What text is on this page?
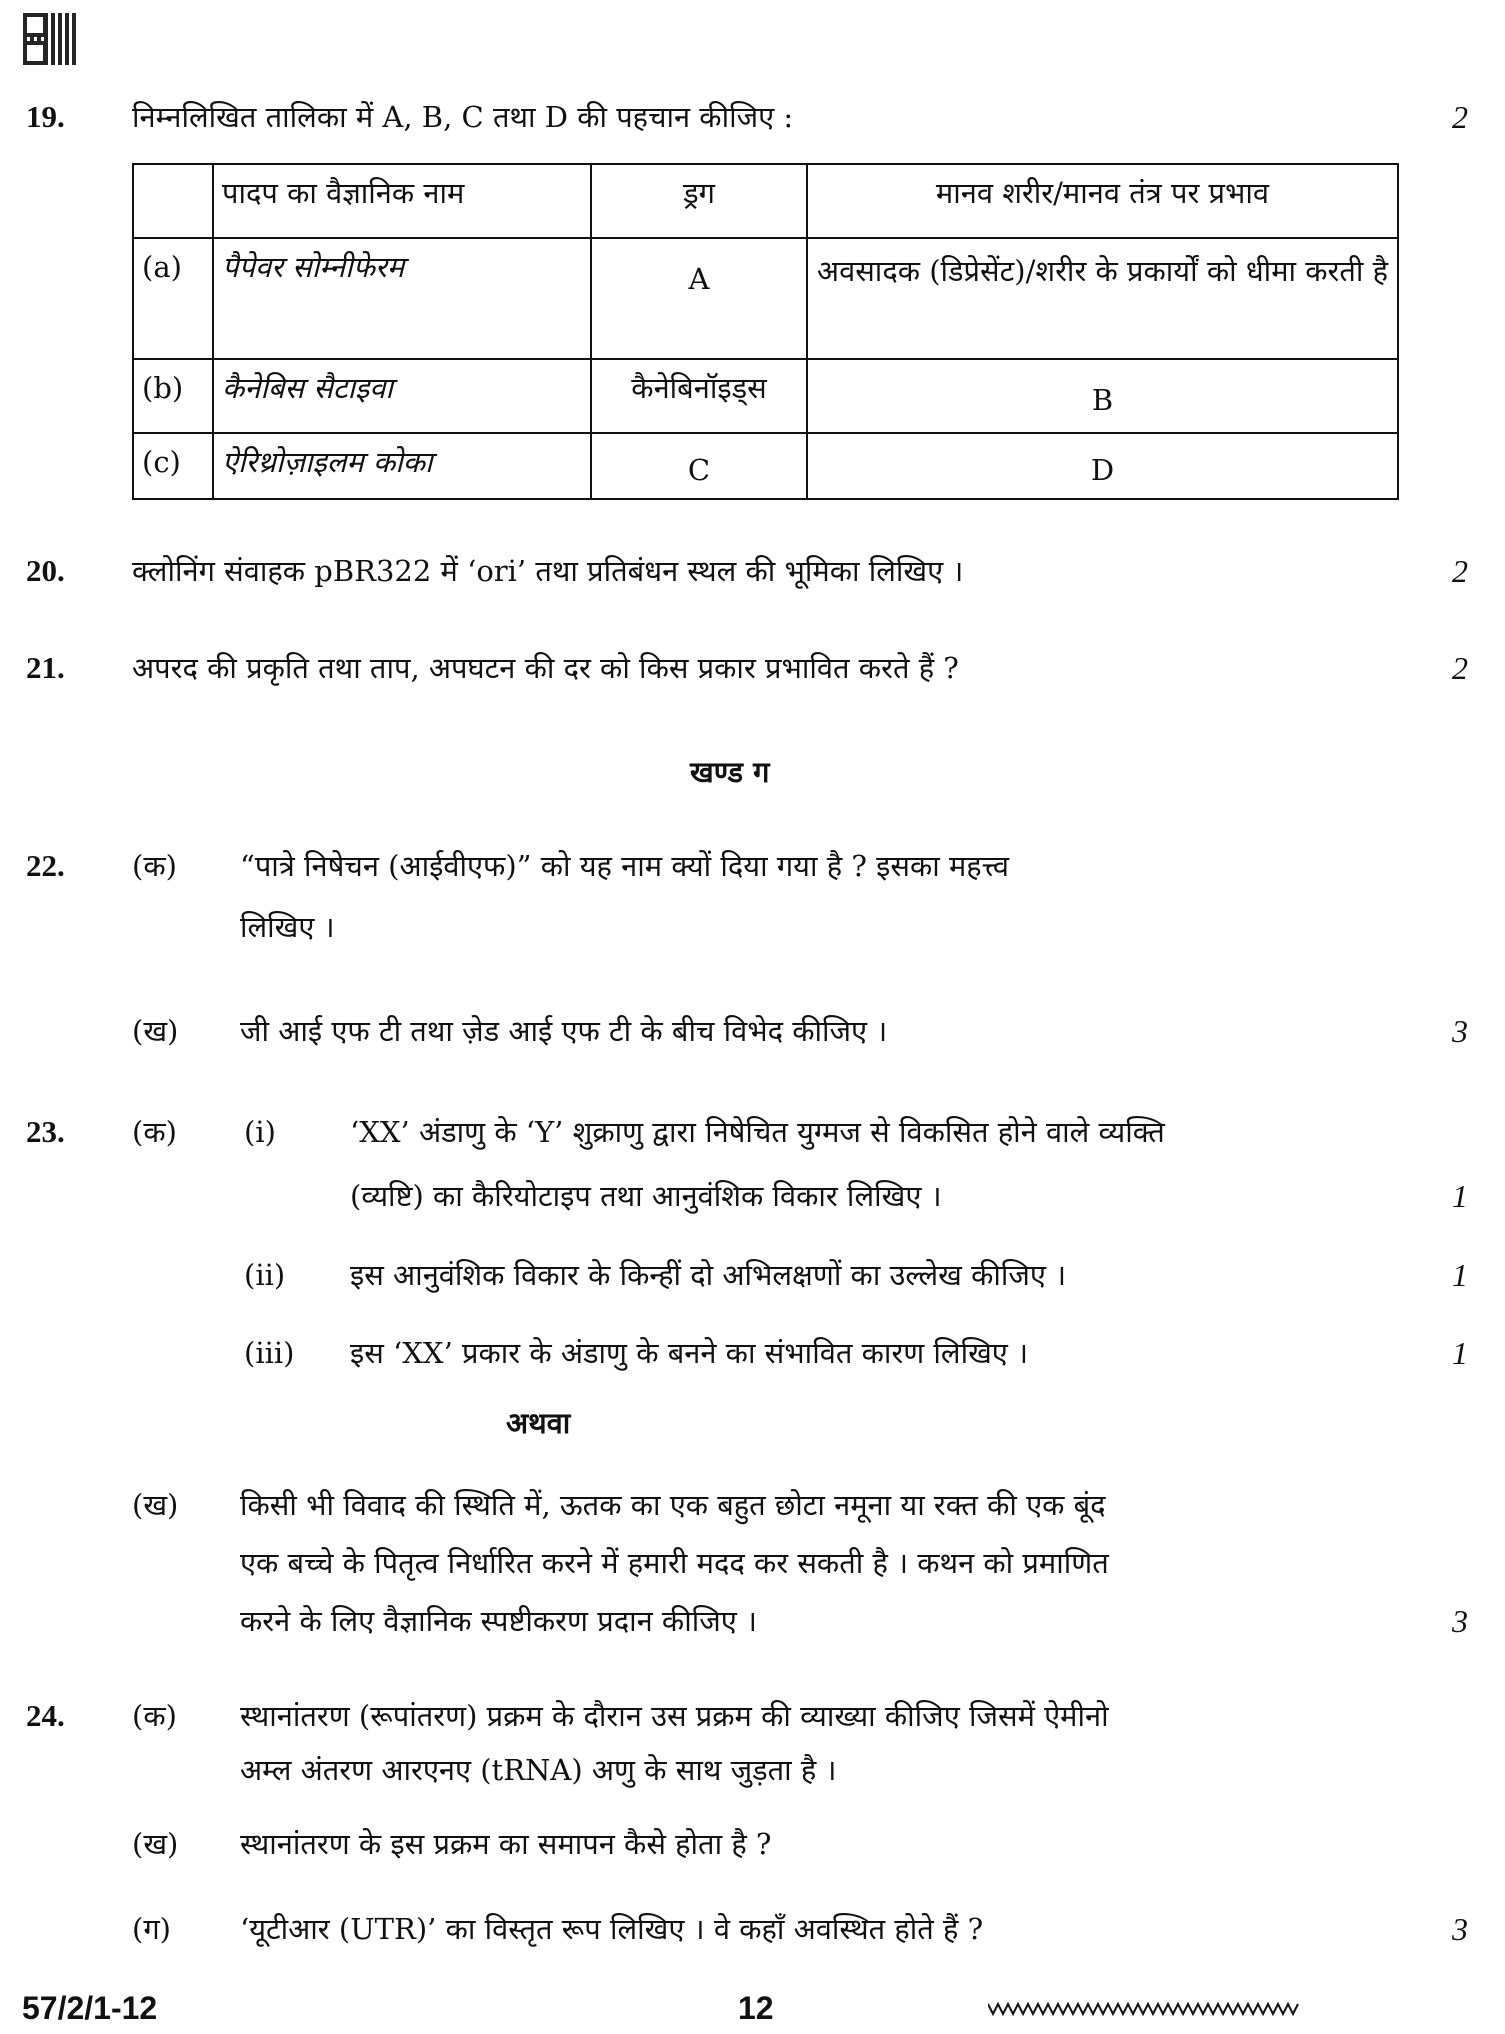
19. निम्नलिखित तालिका में A, B, C तथा D की पहचान कीजिए :	2
	पादप का वैज्ञानिक नाम	ड्रग	मानव शरीर/मानव तंत्र पर प्रभाव
(a)	पैपेवर सोम्नीफेरम	A	अवसादक (डिप्रेसेंट)/शरीर के प्रकार्यों को धीमा करती है
(b)	कैनेबिस सैटाइवा	कैनेबिनॉइड्स	B
(c)	ऐरिथ्रोज़ाइलम कोका	C	D
20. क्लोनिंग संवाहक pBR322 में ‘ori’ तथा प्रतिबंधन स्थल की भूमिका लिखिए ।	2
21. अपरद की प्रकृति तथा ताप, अपघटन की दर को किस प्रकार प्रभावित करते हैं ?	2
खण्ड ग
22. (क) “पात्रे निषेचन (आईवीएफ)” को यह नाम क्यों दिया गया है ? इसका महत्त्व
लिखिए ।
(ख) जी आई एफ टी तथा ज़ेड आई एफ टी के बीच विभेद कीजिए ।	3
23. (क) (i)	‘XX’ अंडाणु के ‘Y’ शुक्राणु द्वारा निषेचित युग्मज से विकसित होने वाले व्यक्ति
(व्यष्टि) का कैरियोटाइप तथा आनुवंशिक विकार लिखिए ।	1
(ii) इस आनुवंशिक विकार के किन्हीं दो अभिलक्षणों का उल्लेख कीजिए ।	1
(iii) इस ‘XX’ प्रकार के अंडाणु के बनने का संभावित कारण लिखिए ।	1
अथवा
(ख) किसी भी विवाद की स्थिति में, ऊतक का एक बहुत छोटा नमूना या रक्त की एक बूंद
एक बच्चे के पितृत्व निर्धारित करने में हमारी मदद कर सकती है । कथन को प्रमाणित
करने के लिए वैज्ञानिक स्पष्टीकरण प्रदान कीजिए ।	3
24. (क) स्थानांतरण (रूपांतरण) प्रक्रम के दौरान उस प्रक्रम की व्याख्या कीजिए जिसमें ऐमीनो
अम्ल अंतरण आरएनए (tRNA) अणु के साथ जुड़ता है ।
(ख) स्थानांतरण के इस प्रक्रम का समापन कैसे होता है ?
(ग) ‘यूटीआर (UTR)’ का विस्तृत रूप लिखिए । वे कहाँ अवस्थित होते हैं ?	3
57/2/1-12	12
